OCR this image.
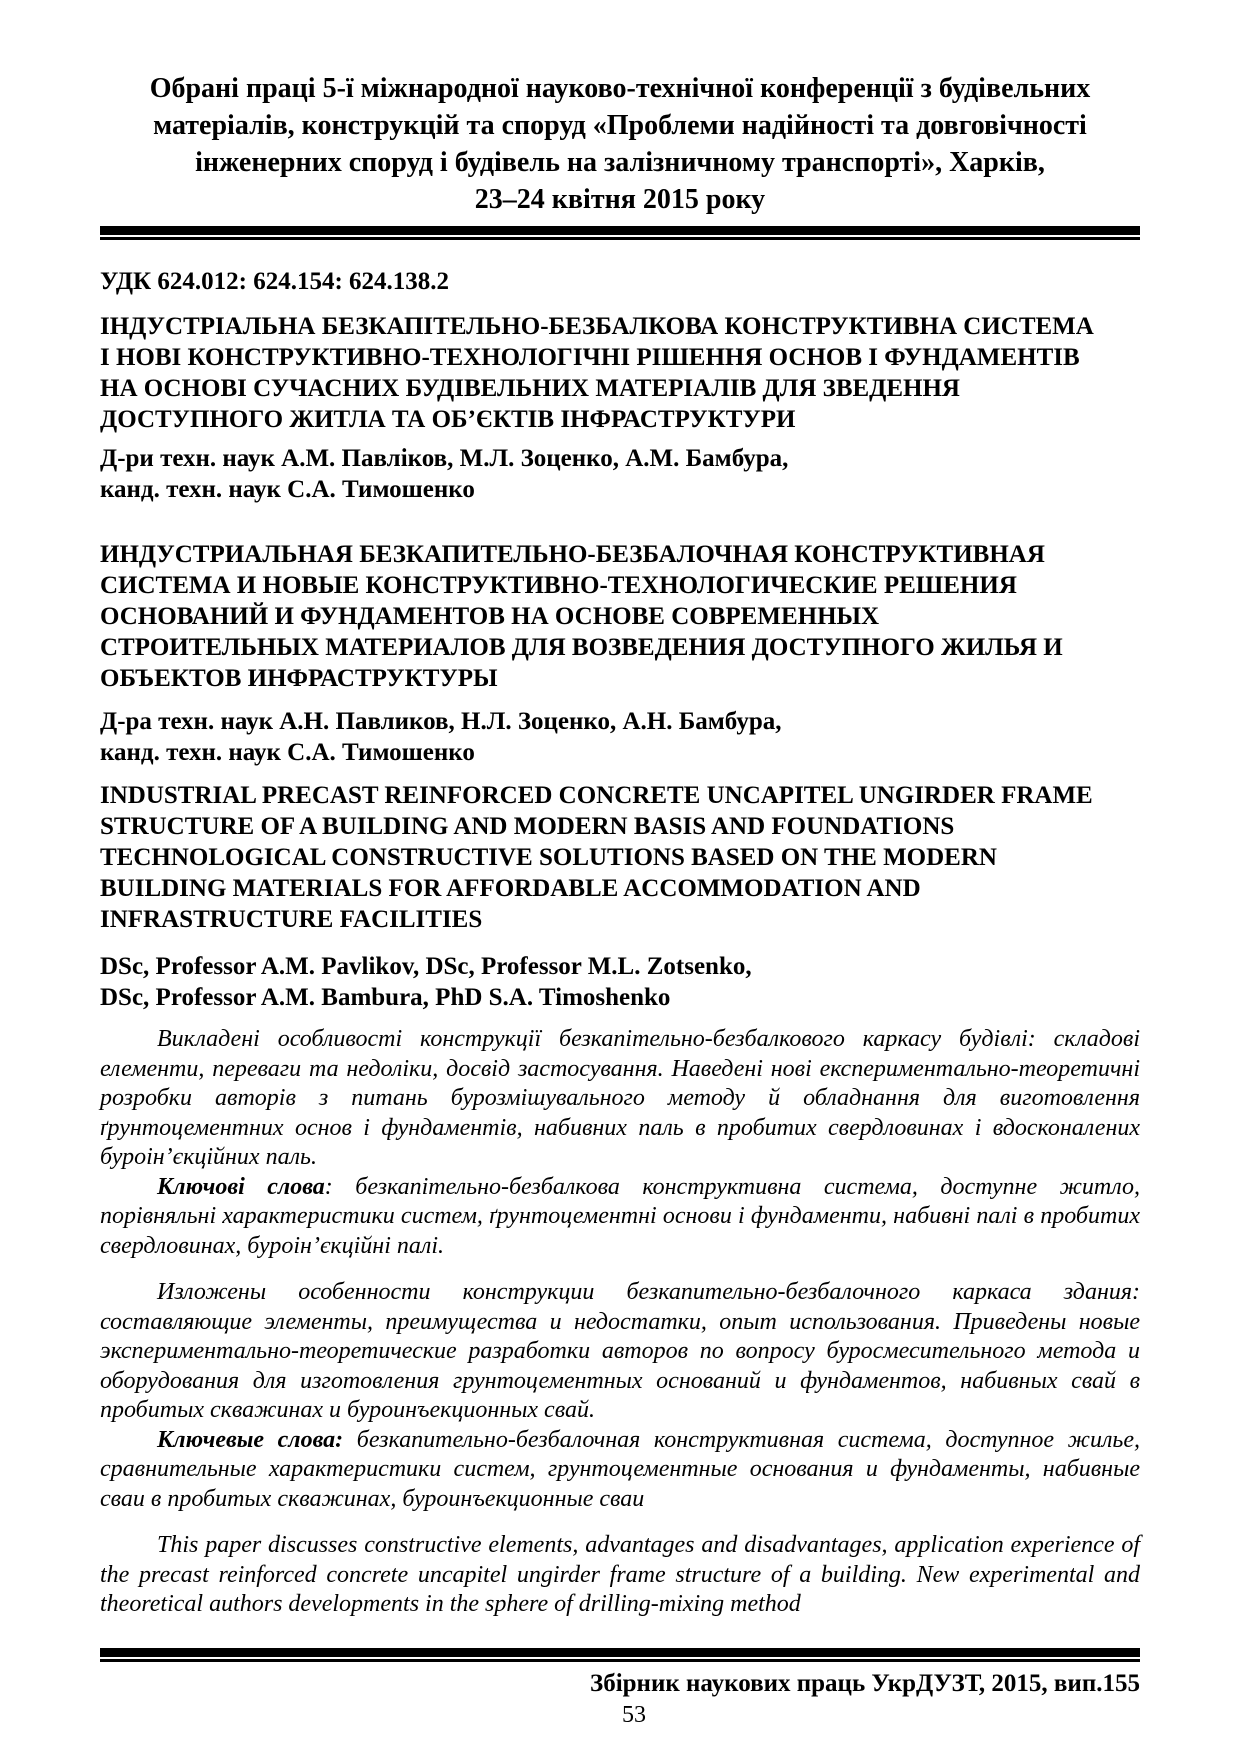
Обрані праці 5-ї міжнародної науково-технічної конференції з будівельних
матеріалів, конструкцій та споруд «Проблеми надійності та довговічності
інженерних споруд і будівель на залізничному транспорті», Харків,
23–24 квітня 2015 року

УДК 624.012: 624.154: 624.138.2

ІНДУСТРІАЛЬНА БЕЗКАПІТЕЛЬНО-БЕЗБАЛКОВА КОНСТРУКТИВНА СИСТЕМА
І НОВІ КОНСТРУКТИВНО-ТЕХНОЛОГІЧНІ РІШЕННЯ ОСНОВ І ФУНДАМЕНТІВ
НА ОСНОВІ СУЧАСНИХ БУДІВЕЛЬНИХ МАТЕРІАЛІВ ДЛЯ ЗВЕДЕННЯ
ДОСТУПНОГО ЖИТЛА ТА ОБ’ЄКТІВ ІНФРАСТРУКТУРИ
Д-ри техн. наук А.М. Павліков, М.Л. Зоценко, А.М. Бамбура,
канд. техн. наук С.А. Тимошенко
ИНДУСТРИАЛЬНАЯ БЕЗКАПИТЕЛЬНО-БЕЗБАЛОЧНАЯ КОНСТРУКТИВНАЯ
СИСТЕМА И НОВЫЕ КОНСТРУКТИВНО-ТЕХНОЛОГИЧЕСКИЕ РЕШЕНИЯ
ОСНОВАНИЙ И ФУНДАМЕНТОВ НА ОСНОВЕ СОВРЕМЕННЫХ
СТРОИТЕЛЬНЫХ МАТЕРИАЛОВ ДЛЯ ВОЗВЕДЕНИЯ ДОСТУПНОГО ЖИЛЬЯ И
ОБЪЕКТОВ ИНФРАСТРУКТУРЫ
Д-ра техн. наук А.Н. Павликов, Н.Л. Зоценко, А.Н. Бамбура,
канд. техн. наук С.А. Тимошенко
INDUSTRIAL PRECAST REINFORCED CONCRETE UNCAPITEL UNGIRDER FRAME
STRUCTURE OF A BUILDING AND MODERN BASIS AND FOUNDATIONS
TECHNOLOGICAL CONSTRUCTIVE SOLUTIONS BASED ON THE MODERN
BUILDING MATERIALS FOR AFFORDABLE ACCOMMODATION AND
INFRASTRUCTURE FACILITIES
DSc, Professor A.M. Pavlikov, DSc, Professor M.L. Zotsenko,
DSc, Professor A.M. Bambura, PhD S.A. Timoshenko

Викладені особливості конструкції безкапітельно-безбалкового каркасу будівлі: складові елементи, переваги та недоліки, досвід застосування. Наведені нові експериментально-теоретичні розробки авторів з питань бурозмішувального методу й обладнання для виготовлення ґрунтоцементних основ і фундаментів, набивних паль в пробитих свердловинах і вдосконалених буроін’єкційних паль.

Ключові слова: безкапітельно-безбалкова конструктивна система, доступне житло, порівняльні характеристики систем, ґрунтоцементні основи і фундаменти, набивні палі в пробитих свердловинах, буроін’єкційні палі.

Изложены особенности конструкции безкапительно-безбалочного каркаса здания: составляющие элементы, преимущества и недостатки, опыт использования. Приведены новые экспериментально-теоретические разработки авторов по вопросу буросмесительного метода и оборудования для изготовления грунтоцементных оснований и фундаментов, набивных свай в пробитых скважинах и буроинъекционных свай.

Ключевые слова: безкапительно-безбалочная конструктивная система, доступное жилье, сравнительные характеристики систем, грунтоцементные основания и фундаменты, набивные сваи в пробитых скважинах, буроинъекционные сваи

This paper discusses constructive elements, advantages and disadvantages, application experience of the precast reinforced concrete uncapitel ungirder frame structure of a building. New experimental and theoretical authors developments in the sphere of drilling-mixing method

Збірник наукових праць УкрДУЗТ, 2015, вип.155

53
